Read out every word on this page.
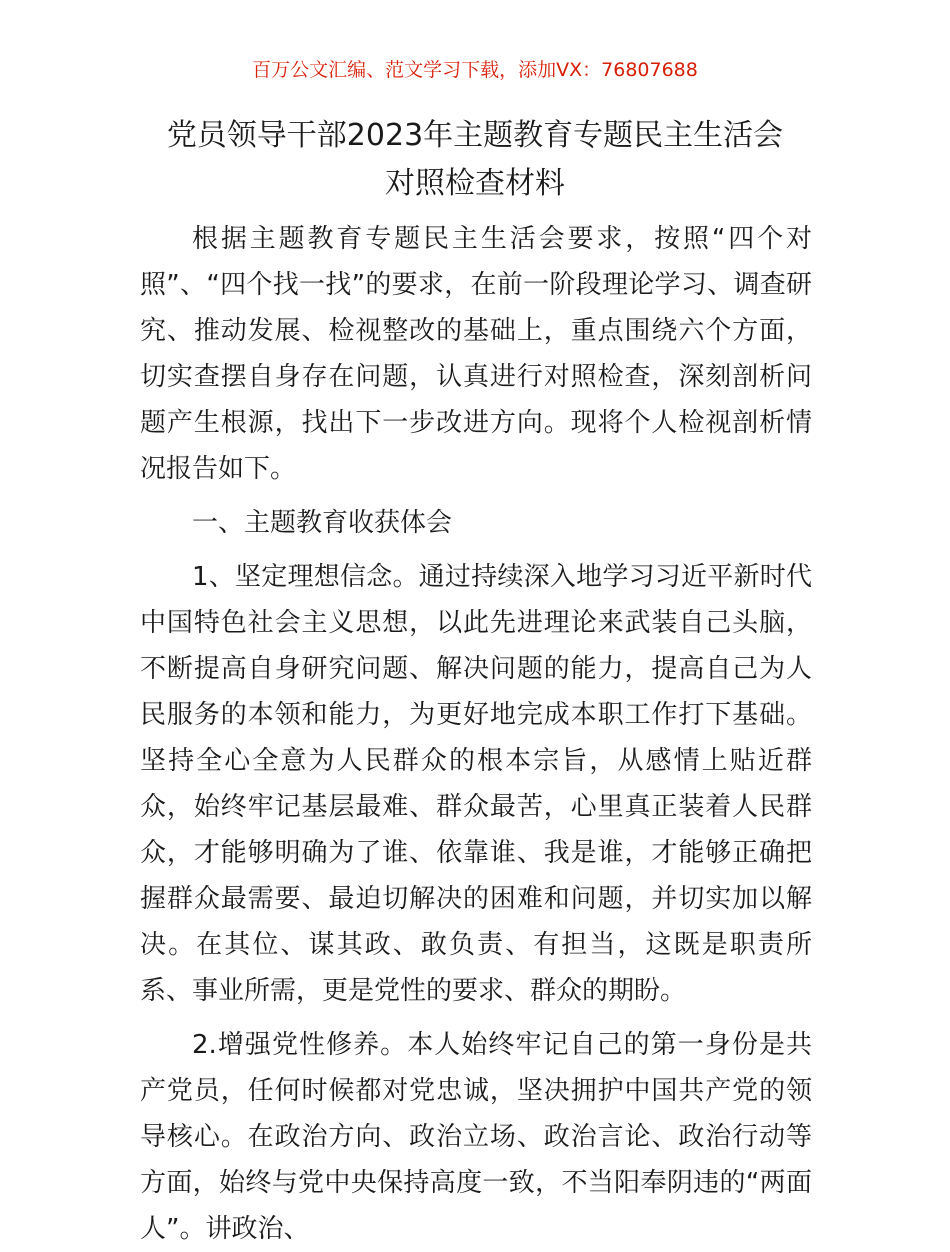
百万公文汇编、范文学习下载，添加VX：76807688
党员领导干部2023年主题教育专题民主生活会
对照检查材料

根据主题教育专题民主生活会要求，按照“四个对照”、“四个找一找”的要求，在前一阶段理论学习、调查研究、推动发展、检视整改的基础上，重点围绕六个方面，切实查摆自身存在问题，认真进行对照检查，深刻剖析问题产生根源，找出下一步改进方向。现将个人检视剖析情况报告如下。

一、主题教育收获体会

1、坚定理想信念。通过持续深入地学习习近平新时代中国特色社会主义思想，以此先进理论来武装自己头脑，不断提高自身研究问题、解决问题的能力，提高自己为人民服务的本领和能力，为更好地完成本职工作打下基础。坚持全心全意为人民群众的根本宗旨，从感情上贴近群众，始终牢记基层最难、群众最苦，心里真正装着人民群众，才能够明确为了谁、依靠谁、我是谁，才能够正确把握群众最需要、最迫切解决的困难和问题，并切实加以解决。在其位、谋其政、敢负责、有担当，这既是职责所系、事业所需，更是党性的要求、群众的期盼。

2.增强党性修养。本人始终牢记自己的第一身份是共产党员，任何时候都对党忠诚，坚决拥护中国共产党的领导核心。在政治方向、政治立场、政治言论、政治行动等方面，始终与党中央保持高度一致，不当阳奉阴违的“两面人”。讲政治、
